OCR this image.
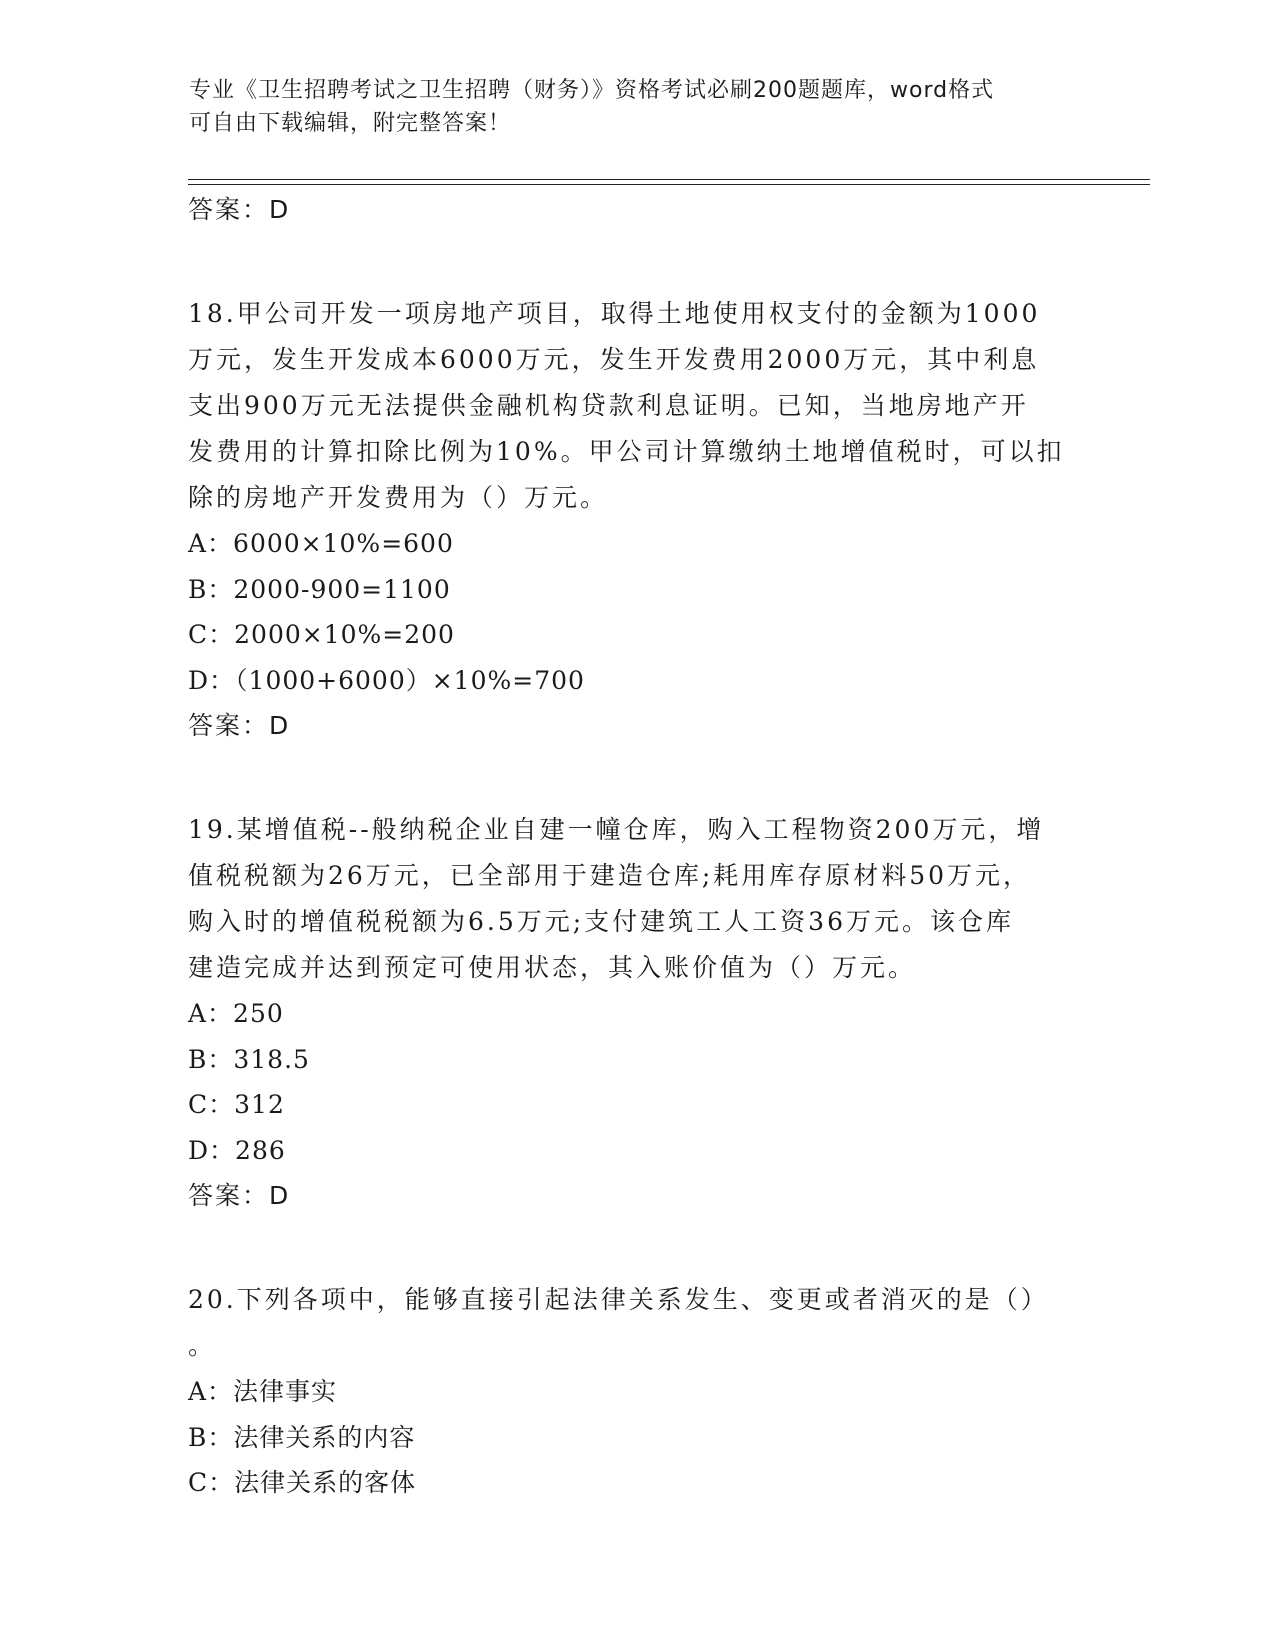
专业《卫生招聘考试之卫生招聘（财务）》资格考试必刷200题题库，word格式
可自由下载编辑，附完整答案！

答案：D

18.甲公司开发一项房地产项目，取得土地使用权支付的金额为1000

万元，发生开发成本6000万元，发生开发费用2000万元，其中利息

支出900万元无法提供金融机构贷款利息证明。已知，当地房地产开

发费用的计算扣除比例为10%。甲公司计算缴纳土地增值税时，可以扣

除的房地产开发费用为（）万元。

A：6000×10%=600

B：2000-900=1100

C：2000×10%=200

D：（1000+6000）×10%=700

答案：D

19.某增值税--般纳税企业自建一幢仓库，购入工程物资200万元，增

值税税额为26万元，已全部用于建造仓库;耗用库存原材料50万元，

购入时的增值税税额为6.5万元;支付建筑工人工资36万元。该仓库

建造完成并达到预定可使用状态，其入账价值为（）万元。

A：250

B：318.5

C：312

D：286

答案：D

20.下列各项中，能够直接引起法律关系发生、变更或者消灭的是（）

。

A：法律事实

B：法律关系的内容

C：法律关系的客体
